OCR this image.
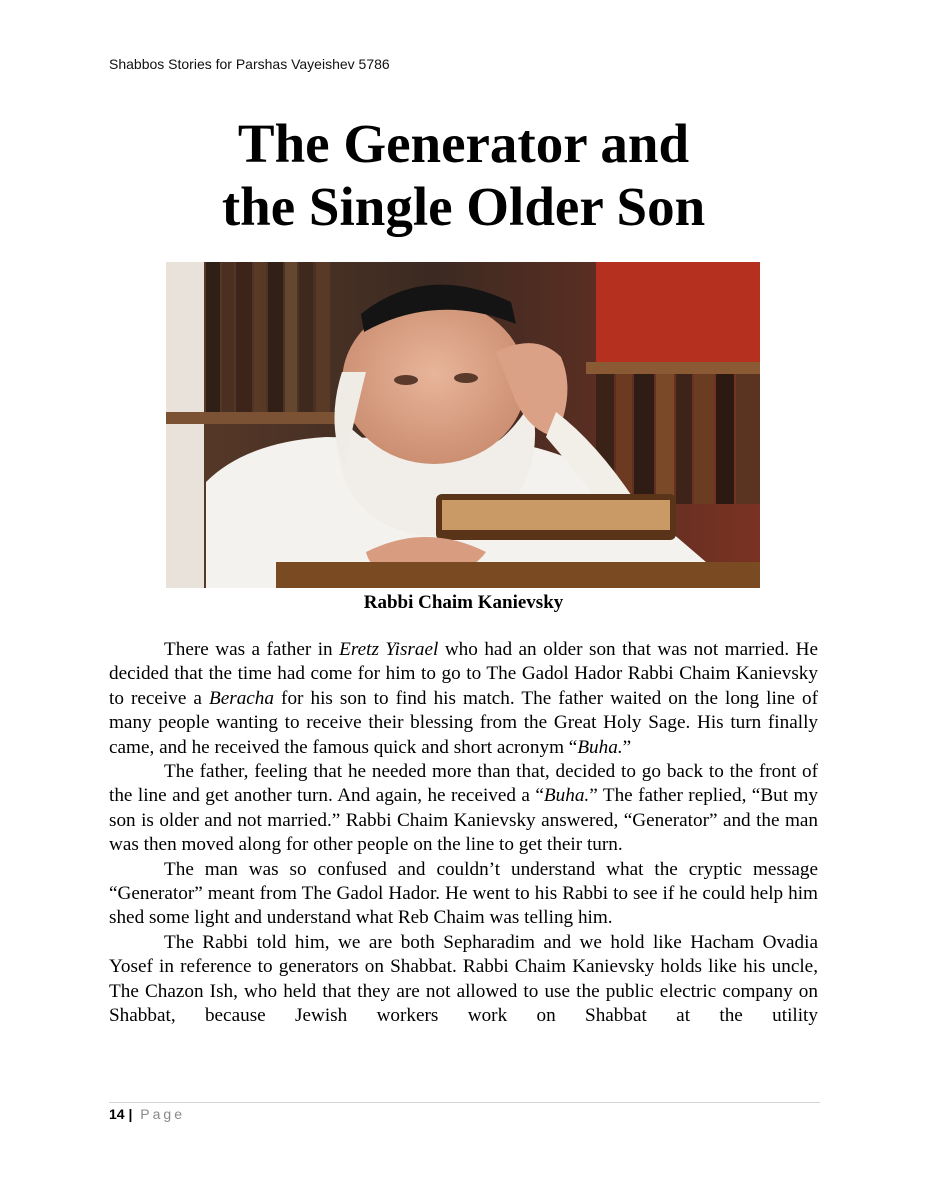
Shabbos Stories for Parshas Vayeishev 5786
The Generator and
the Single Older Son
Rabbi Chaim Kanievsky

There was a father in Eretz Yisrael who had an older son that was not married. He decided that the time had come for him to go to The Gadol Hador Rabbi Chaim Kanievsky to receive a Beracha for his son to find his match. The father waited on the long line of many people wanting to receive their blessing from the Great Holy Sage. His turn finally came, and he received the famous quick and short acronym “Buha.”

The father, feeling that he needed more than that, decided to go back to the front of the line and get another turn. And again, he received a “Buha.” The father replied, “But my son is older and not married.” Rabbi Chaim Kanievsky answered, “Generator” and the man was then moved along for other people on the line to get their turn.

The man was so confused and couldn’t understand what the cryptic message “Generator” meant from The Gadol Hador. He went to his Rabbi to see if he could help him shed some light and understand what Reb Chaim was telling him.

The Rabbi told him, we are both Sepharadim and we hold like Hacham Ovadia Yosef in reference to generators on Shabbat. Rabbi Chaim Kanievsky holds like his uncle, The Chazon Ish, who held that they are not allowed to use the public electric company on Shabbat, because Jewish workers work on Shabbat at the utility

14 | Page
